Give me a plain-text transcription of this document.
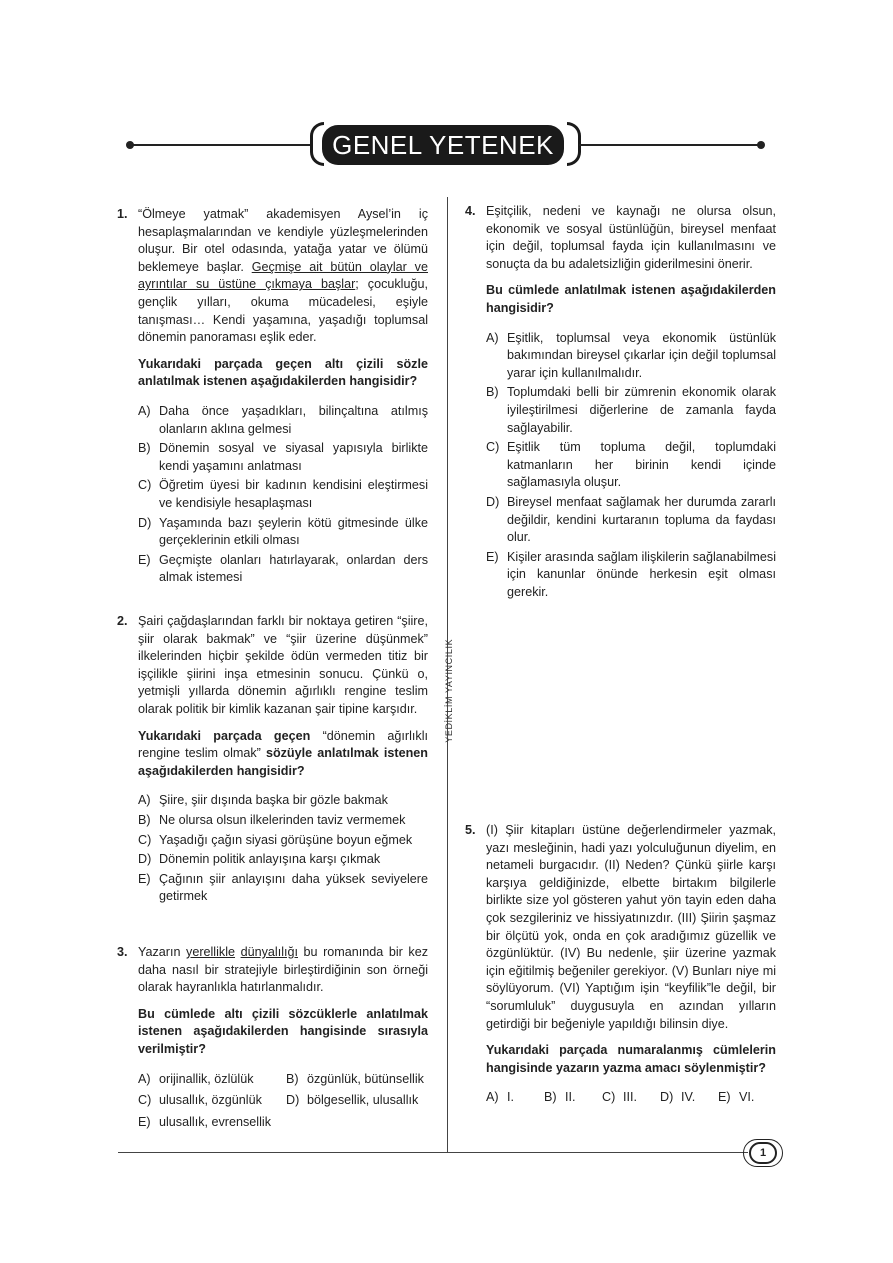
GENEL YETENEK
YEDİKLİM YAYINCILIK
1. “Ölmeye yatmak” akademisyen Aysel’in iç hesaplaşmalarından ve kendiyle yüzleşmelerinden oluşur. Bir otel odasında, yatağa yatar ve ölümü beklemeye başlar. Geçmişe ait bütün olaylar ve ayrıntılar su üstüne çıkmaya başlar; çocukluğu, gençlik yılları, okuma mücadelesi, eşiyle tanışması… Kendi yaşamına, yaşadığı toplumsal dönemin panoraması eşlik eder.

Yukarıdaki parçada geçen altı çizili sözle anlatılmak istenen aşağıdakilerden hangisidir?
A) Daha önce yaşadıkları, bilinçaltına atılmış olanların aklına gelmesi
B) Dönemin sosyal ve siyasal yapısıyla birlikte kendi yaşamını anlatması
C) Öğretim üyesi bir kadının kendisini eleştirmesi ve kendisiyle hesaplaşması
D) Yaşamında bazı şeylerin kötü gitmesinde ülke gerçeklerinin etkili olması
E) Geçmişte olanları hatırlayarak, onlardan ders almak istemesi
2. Şairi çağdaşlarından farklı bir noktaya getiren “şiire, şiir olarak bakmak” ve “şiir üzerine düşünmek” ilkelerinden hiçbir şekilde ödün vermeden titiz bir işçilikle şiirini inşa etmesinin sonucu. Çünkü o, yetmişli yıllarda dönemin ağırlıklı rengine teslim olarak politik bir kimlik kazanan şair tipine karşıdır.

Yukarıdaki parçada geçen “dönemin ağırlıklı rengine teslim olmak” sözüyle anlatılmak istenen aşağıdakilerden hangisidir?
A) Şiire, şiir dışında başka bir gözle bakmak
B) Ne olursa olsun ilkelerinden taviz vermemek
C) Yaşadığı çağın siyasi görüşüne boyun eğmek
D) Dönemin politik anlayışına karşı çıkmak
E) Çağının şiir anlayışını daha yüksek seviyelere getirmek
3. Yazarın yerellikle dünyalılığı bu romanında bir kez daha nasıl bir stratejiyle birleştirdiğinin son örneği olarak hayranlıkla hatırlanmalıdır.

Bu cümlede altı çizili sözcüklerle anlatılmak istenen aşağıdakilerden hangisinde sırasıyla verilmiştir?
A) orijinallik, özlülük	B) özgünlük, bütünsellik
C) ulusallık, özgünlük	D) bölgesellik, ulusallık
E) ulusallık, evrensellik
4. Eşitçilik, nedeni ve kaynağı ne olursa olsun, ekonomik ve sosyal üstünlüğün, bireysel menfaat için değil, toplumsal fayda için kullanılmasını ve sonuçta da bu adaletsizliğin giderilmesini önerir.

Bu cümlede anlatılmak istenen aşağıdakilerden hangisidir?
A) Eşitlik, toplumsal veya ekonomik üstünlük bakımından bireysel çıkarlar için değil toplumsal yarar için kullanılmalıdır.
B) Toplumdaki belli bir zümrenin ekonomik olarak iyileştirilmesi diğerlerine de zamanla fayda sağlayabilir.
C) Eşitlik tüm topluma değil, toplumdaki katmanların her birinin kendi içinde sağlamasıyla oluşur.
D) Bireysel menfaat sağlamak her durumda zararlı değildir, kendini kurtaranın topluma da faydası olur.
E) Kişiler arasında sağlam ilişkilerin sağlanabilmesi için kanunlar önünde herkesin eşit olması gerekir.
5. (I) Şiir kitapları üstüne değerlendirmeler yazmak, yazı mesleğinin, hadi yazı yolculuğunun diyelim, en netameli burgacıdır. (II) Neden? Çünkü şiirle karşı karşıya geldiğinizde, elbette birtakım bilgilerle birlikte size yol gösteren yahut yön tayin eden daha çok sezgileriniz ve hissiyatınızdır. (III) Şiirin şaşmaz bir ölçütü yok, onda en çok aradığımız güzellik ve özgünlüktür. (IV) Bu nedenle, şiir üzerine yazmak için eğitilmiş beğeniler gerekiyor. (V) Bunları niye mi söylüyorum. (VI) Yaptığım işin “keyfilik”le değil, bir “sorumluluk” duygusuyla en azından yılların getirdiği bir beğeniyle yapıldığı bilinsin diye.

Yukarıdaki parçada numaralanmış cümlelerin hangisinde yazarın yazma amacı söylenmiştir?
A) I. B) II. C) III. D) IV. E) VI.
1
